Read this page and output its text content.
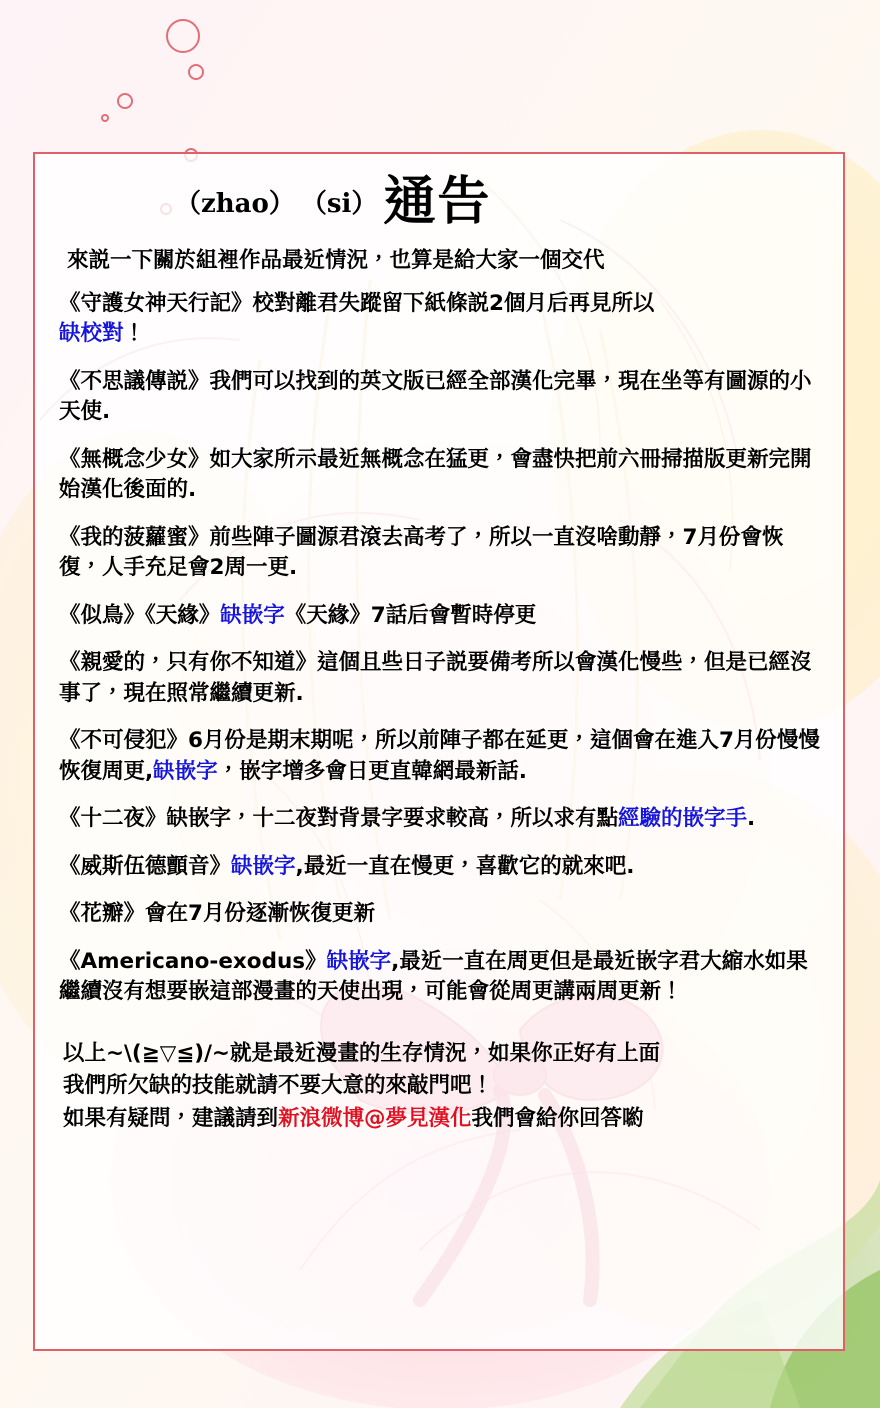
（zhao） （si） 通告

來説一下關於組裡作品最近情況，也算是給大家一個交代

《守護女神天行記》校對離君失蹤留下紙條説2個月后再見所以
缺校對！

《不思議傳説》我們可以找到的英文版已經全部漢化完畢，現在坐等有圖源的小天使.

《無概念少女》如大家所示最近無概念在猛更，會盡快把前六冊掃描版更新完開始漢化後面的.

《我的菠蘿蜜》前些陣子圖源君滾去高考了，所以一直沒啥動靜，7月份會恢復，人手充足會2周一更.

《似鳥》《天緣》缺嵌字《天緣》7話后會暫時停更

《親愛的，只有你不知道》這個且些日子説要備考所以會漢化慢些，但是已經沒事了，現在照常繼續更新.

《不可侵犯》6月份是期末期呢，所以前陣子都在延更，這個會在進入7月份慢慢恢復周更,缺嵌字，嵌字增多會日更直韓網最新話.

《十二夜》缺嵌字，十二夜對背景字要求較高，所以求有點經驗的嵌字手.

《威斯伍德顫音》缺嵌字,最近一直在慢更，喜歡它的就來吧.

《花瓣》會在7月份逐漸恢復更新

《Americano-exodus》缺嵌字,最近一直在周更但是最近嵌字君大縮水如果繼續沒有想要嵌這部漫畫的天使出現，可能會從周更講兩周更新！

以上~\(≧▽≦)/~就是最近漫畫的生存情況，如果你正好有上面

我們所欠缺的技能就請不要大意的來敲門吧！

如果有疑問，建議請到新浪微博@夢見漢化我們會給你回答喲
